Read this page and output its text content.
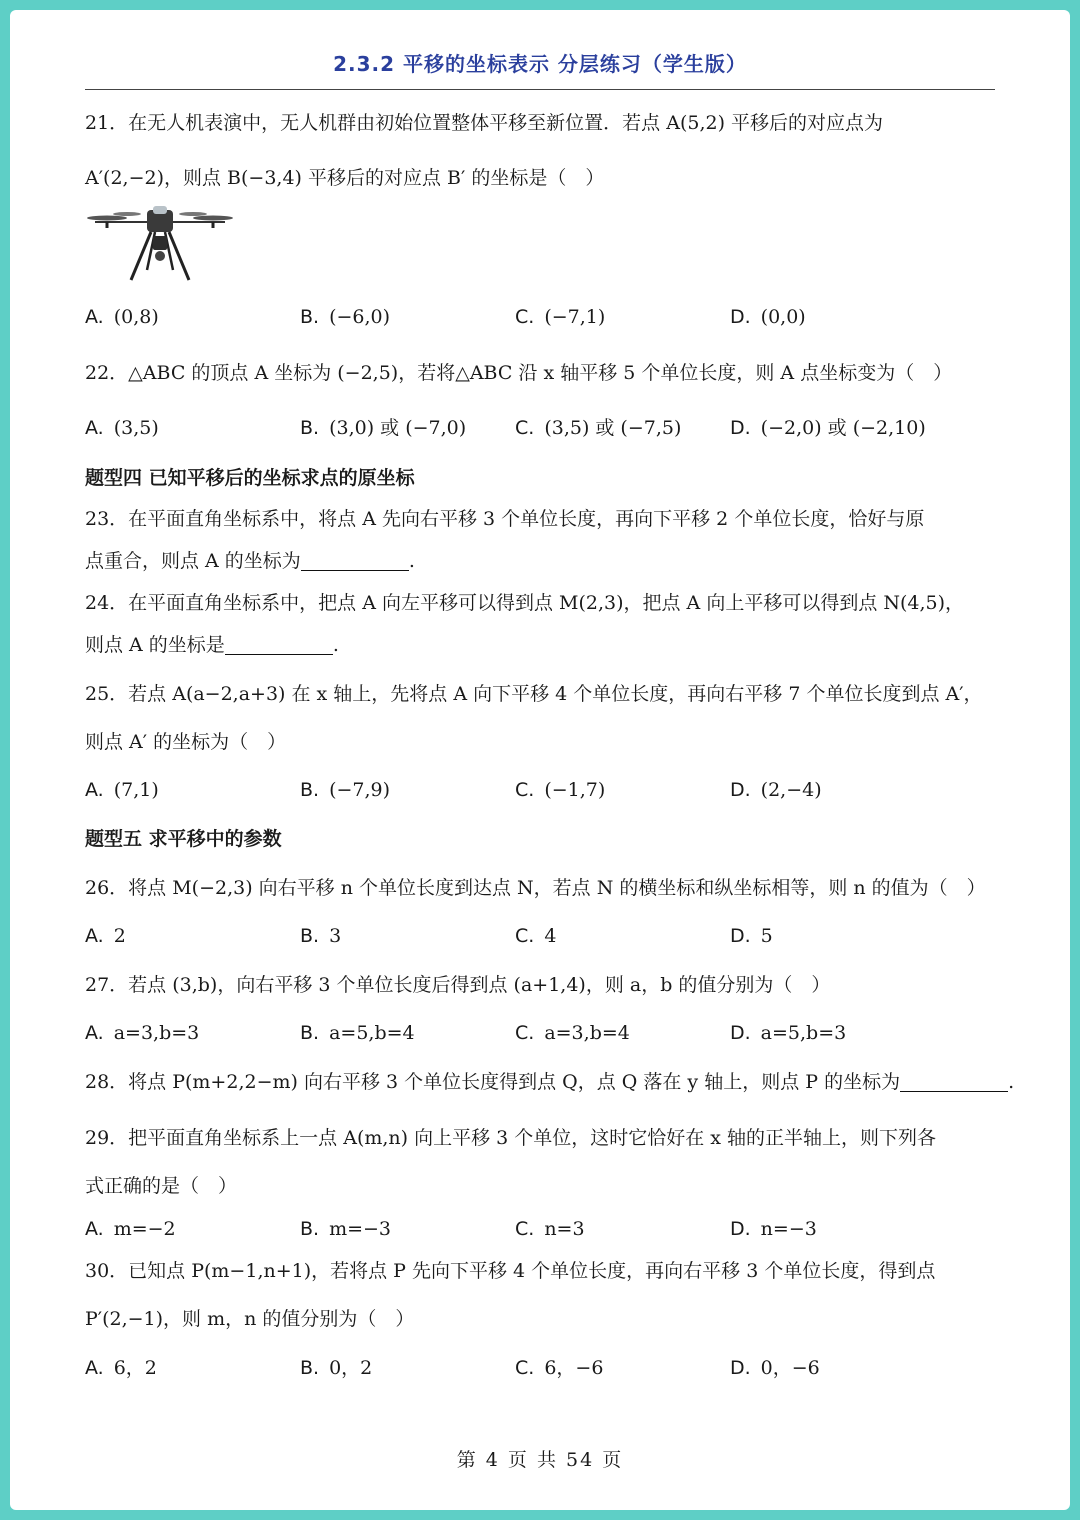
2.3.2 平移的坐标表示 分层练习（学生版）
21．在无人机表演中，无人机群由初始位置整体平移至新位置．若点 A(5,2) 平移后的对应点为
A′(2,−2)，则点 B(−3,4) 平移后的对应点 B′ 的坐标是（　）
A. (0,8)	B. (−6,0)	C. (−7,1)	D. (0,0)
22．△ABC 的顶点 A 坐标为 (−2,5)，若将△ABC 沿 x 轴平移 5 个单位长度，则 A 点坐标变为（　）
A. (3,5)	B. (3,0) 或 (−7,0)	C. (3,5) 或 (−7,5)	D. (−2,0) 或 (−2,10)
题型四 已知平移后的坐标求点的原坐标
23．在平面直角坐标系中，将点 A 先向右平移 3 个单位长度，再向下平移 2 个单位长度，恰好与原
点重合，则点 A 的坐标为	.
24．在平面直角坐标系中，把点 A 向左平移可以得到点 M(2,3)，把点 A 向上平移可以得到点 N(4,5)，
则点 A 的坐标是	.
25．若点 A(a−2,a+3) 在 x 轴上，先将点 A 向下平移 4 个单位长度，再向右平移 7 个单位长度到点 A′，
则点 A′ 的坐标为（　）
A. (7,1)	B. (−7,9)	C. (−1,7)	D. (2,−4)
题型五 求平移中的参数
26．将点 M(−2,3) 向右平移 n 个单位长度到达点 N，若点 N 的横坐标和纵坐标相等，则 n 的值为（　）
A. 2	B. 3	C. 4	D. 5
27．若点 (3,b)，向右平移 3 个单位长度后得到点 (a+1,4)，则 a，b 的值分别为（　）
A. a=3,b=3	B. a=5,b=4	C. a=3,b=4	D. a=5,b=3
28．将点 P(m+2,2−m) 向右平移 3 个单位长度得到点 Q，点 Q 落在 y 轴上，则点 P 的坐标为	.
29．把平面直角坐标系上一点 A(m,n) 向上平移 3 个单位，这时它恰好在 x 轴的正半轴上，则下列各
式正确的是（　）
A. m=−2	B. m=−3	C. n=3	D. n=−3
30．已知点 P(m−1,n+1)，若将点 P 先向下平移 4 个单位长度，再向右平移 3 个单位长度，得到点
P′(2,−1)，则 m，n 的值分别为（　）
A. 6，2	B. 0，2	C. 6，−6	D. 0，−6
第 4 页 共 54 页
